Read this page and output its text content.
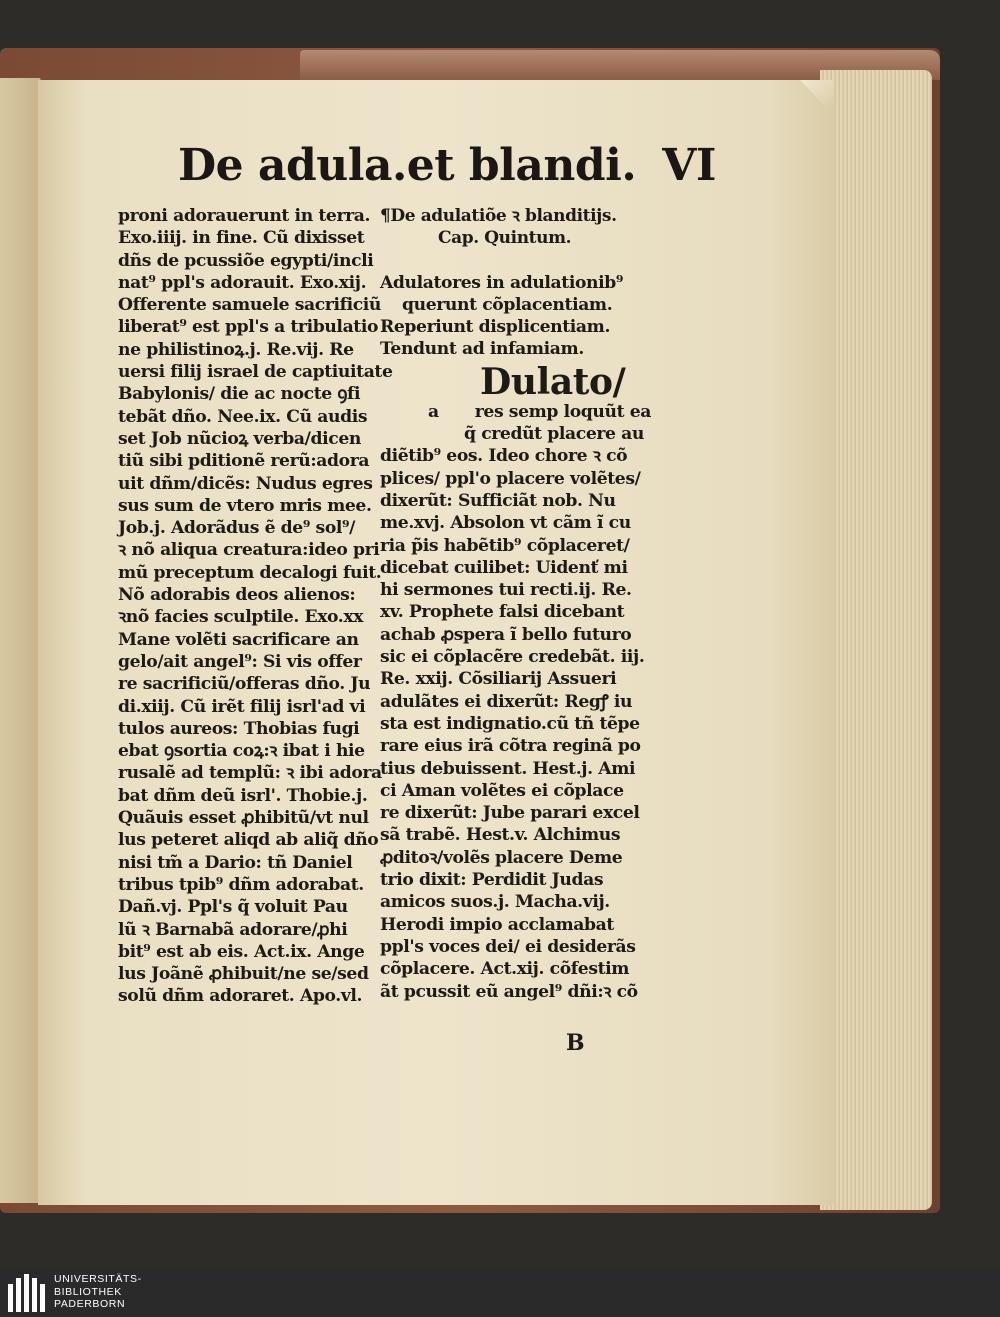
De adula.et blandi. VI
proni adorauerunt in terra.
Exo.iiij. in fine. Cũ dixisset
dñs de pcussiõe egypti/incli
nat⁹ ppl's adorauit. Exo.xij.
Offerente samuele sacrificiũ
liberat⁹ est ppl's a tribulatio
ne philistinoꝝ.j. Re.vij. Re
uersi filij israel de captiuitate
Babylonis/ die ac nocte ꝯfi
tebãt dño. Nee.ix. Cũ audis
set Job nũcioꝝ verba/dicen
tiũ sibi pditionẽ rerũ:adora
uit dñm/dicẽs: Nudus egres
sus sum de vtero mris mee.
Job.j. Adorãdus ẽ de⁹ sol⁹/
ꝛ nõ aliqua creatura:ideo pri
mũ preceptum decalogi fuit.
Nõ adorabis deos alienos:
ꝛnõ facies sculptile. Exo.xx
Mane volẽti sacrificare an
gelo/ait angel⁹: Si vis offer
re sacrificiũ/offeras dño. Ju
di.xiij. Cũ irẽt filij isrl'ad vi
tulos aureos: Thobias fugi
ebat ꝯsortia coꝝ:ꝛ ibat i hie
rusalẽ ad templũ: ꝛ ibi adora
bat dñm deũ isrl'. Thobie.j.
Quãuis esset ꝓhibitũ/vt nul
lus peteret aliqd ab aliq̃ dño
nisi tm̃ a Dario: tñ Daniel
tribus tpib⁹ dñm adorabat.
Dañ.vj. Ppl's q̃ voluit Pau
lũ ꝛ Barnabã adorare/ꝓhi
bit⁹ est ab eis. Act.ix. Ange
lus Joãnẽ ꝓhibuit/ne se/sed
solũ dñm adoraret. Apo.vl.
¶De adulatiõe ꝛ blanditijs.
Cap. Quintum.
Adulatores in adulationib⁹
querunt cõplacentiam.
Reperiunt displicentiam.
Tendunt ad infamiam.
Dulato/
a res semp loquũt ea
q̃ credũt placere au
diẽtib⁹ eos. Ideo chore ꝛ cõ
plices/ ppl'o placere volẽtes/
dixerũt: Sufficiãt nob. Nu
me.xvj. Absolon vt cãm ĩ cu
ria p̃is habẽtib⁹ cõplaceret/
dicebat cuilibet: Uidenť mi
hi sermones tui recti.ij. Re.
xv. Prophete falsi dicebant
achab ꝓspera ĩ bello futuro
sic ei cõplacẽre credebãt. iij.
Re. xxij. Cõsiliarij Assueri
adulãtes ei dixerũt: Regꝭ iu
sta est indignatio.cũ tñ tẽpe
rare eius irã cõtra reginã po
tius debuissent. Hest.j. Ami
ci Aman volẽtes ei cõplace
re dixerũt: Jube parari excel
sã trabẽ. Hest.v. Alchimus
ꝓditoꝛ/volẽs placere Deme
trio dixit: Perdidit Judas
amicos suos.j. Macha.vij.
Herodi impio acclamabat
ppl's voces dei/ ei desiderãs
cõplacere. Act.xij. cõfestim
ãt pcussit eũ angel⁹ dñi:ꝛ cõ
B
UNIVERSITÄTS-
BIBLIOTHEK
PADERBORN
